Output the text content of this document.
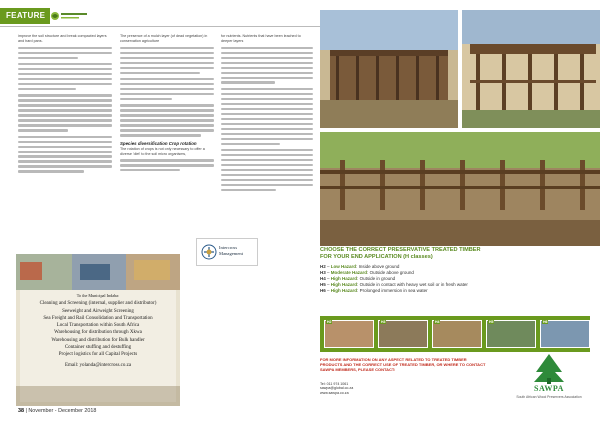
FEATURE
improve the soil structure and break compacted layers and hard pans.
The presence of a mulch layer (of dead vegetation) in conservation agriculture
Species diversification Crop rotation
The rotation of crops is not only necessary to offer a diverse 'diet' to the soil micro organisms,
for nutrients. Nutrients that have been leached to deeper layers
To the Municipal Indaba:
Cleaning and Screening (internal, supplier and distributor)
Seeweight and Airweight Screening
Sea Freight and Rail Consolidation and Transportation
Local Transportation within South Africa
Warehousing for distribution through Xkwa
Warehousing and distribution for Bulk handler
Container stuffing and destuffing
Project logistics for all Capital Projects
Email: yolanda@intercross.co.za
Intercross
Management
CHOOSE THE CORRECT PRESERVATIVE TREATED TIMBER
FOR YOUR END APPLICATION (H classes)
H2 – Low Hazard: Inside above ground
H3 – Moderate Hazard: Outside above ground
H4 – High Hazard: Outside in ground
H5 – High Hazard: Outside in contact with heavy wet soil or in fresh water
H6 – High Hazard: Prolonged immersion in sea water
H2	H3	H4	H5	H6
FOR MORE INFORMATION ON ANY ASPECT RELATED TO TREATED TIMBER PRODUCTS AND THE CORRECT USE OF TREATED TIMBER, OR WHERE TO CONTACT SAWPA MEMBERS, PLEASE CONTACT:
Tel: 011 974 1061
sawpa@global.co.za
www.sawpa.co.za	SAWPA
South African Wood Preservers Association
38 | November - December 2018
